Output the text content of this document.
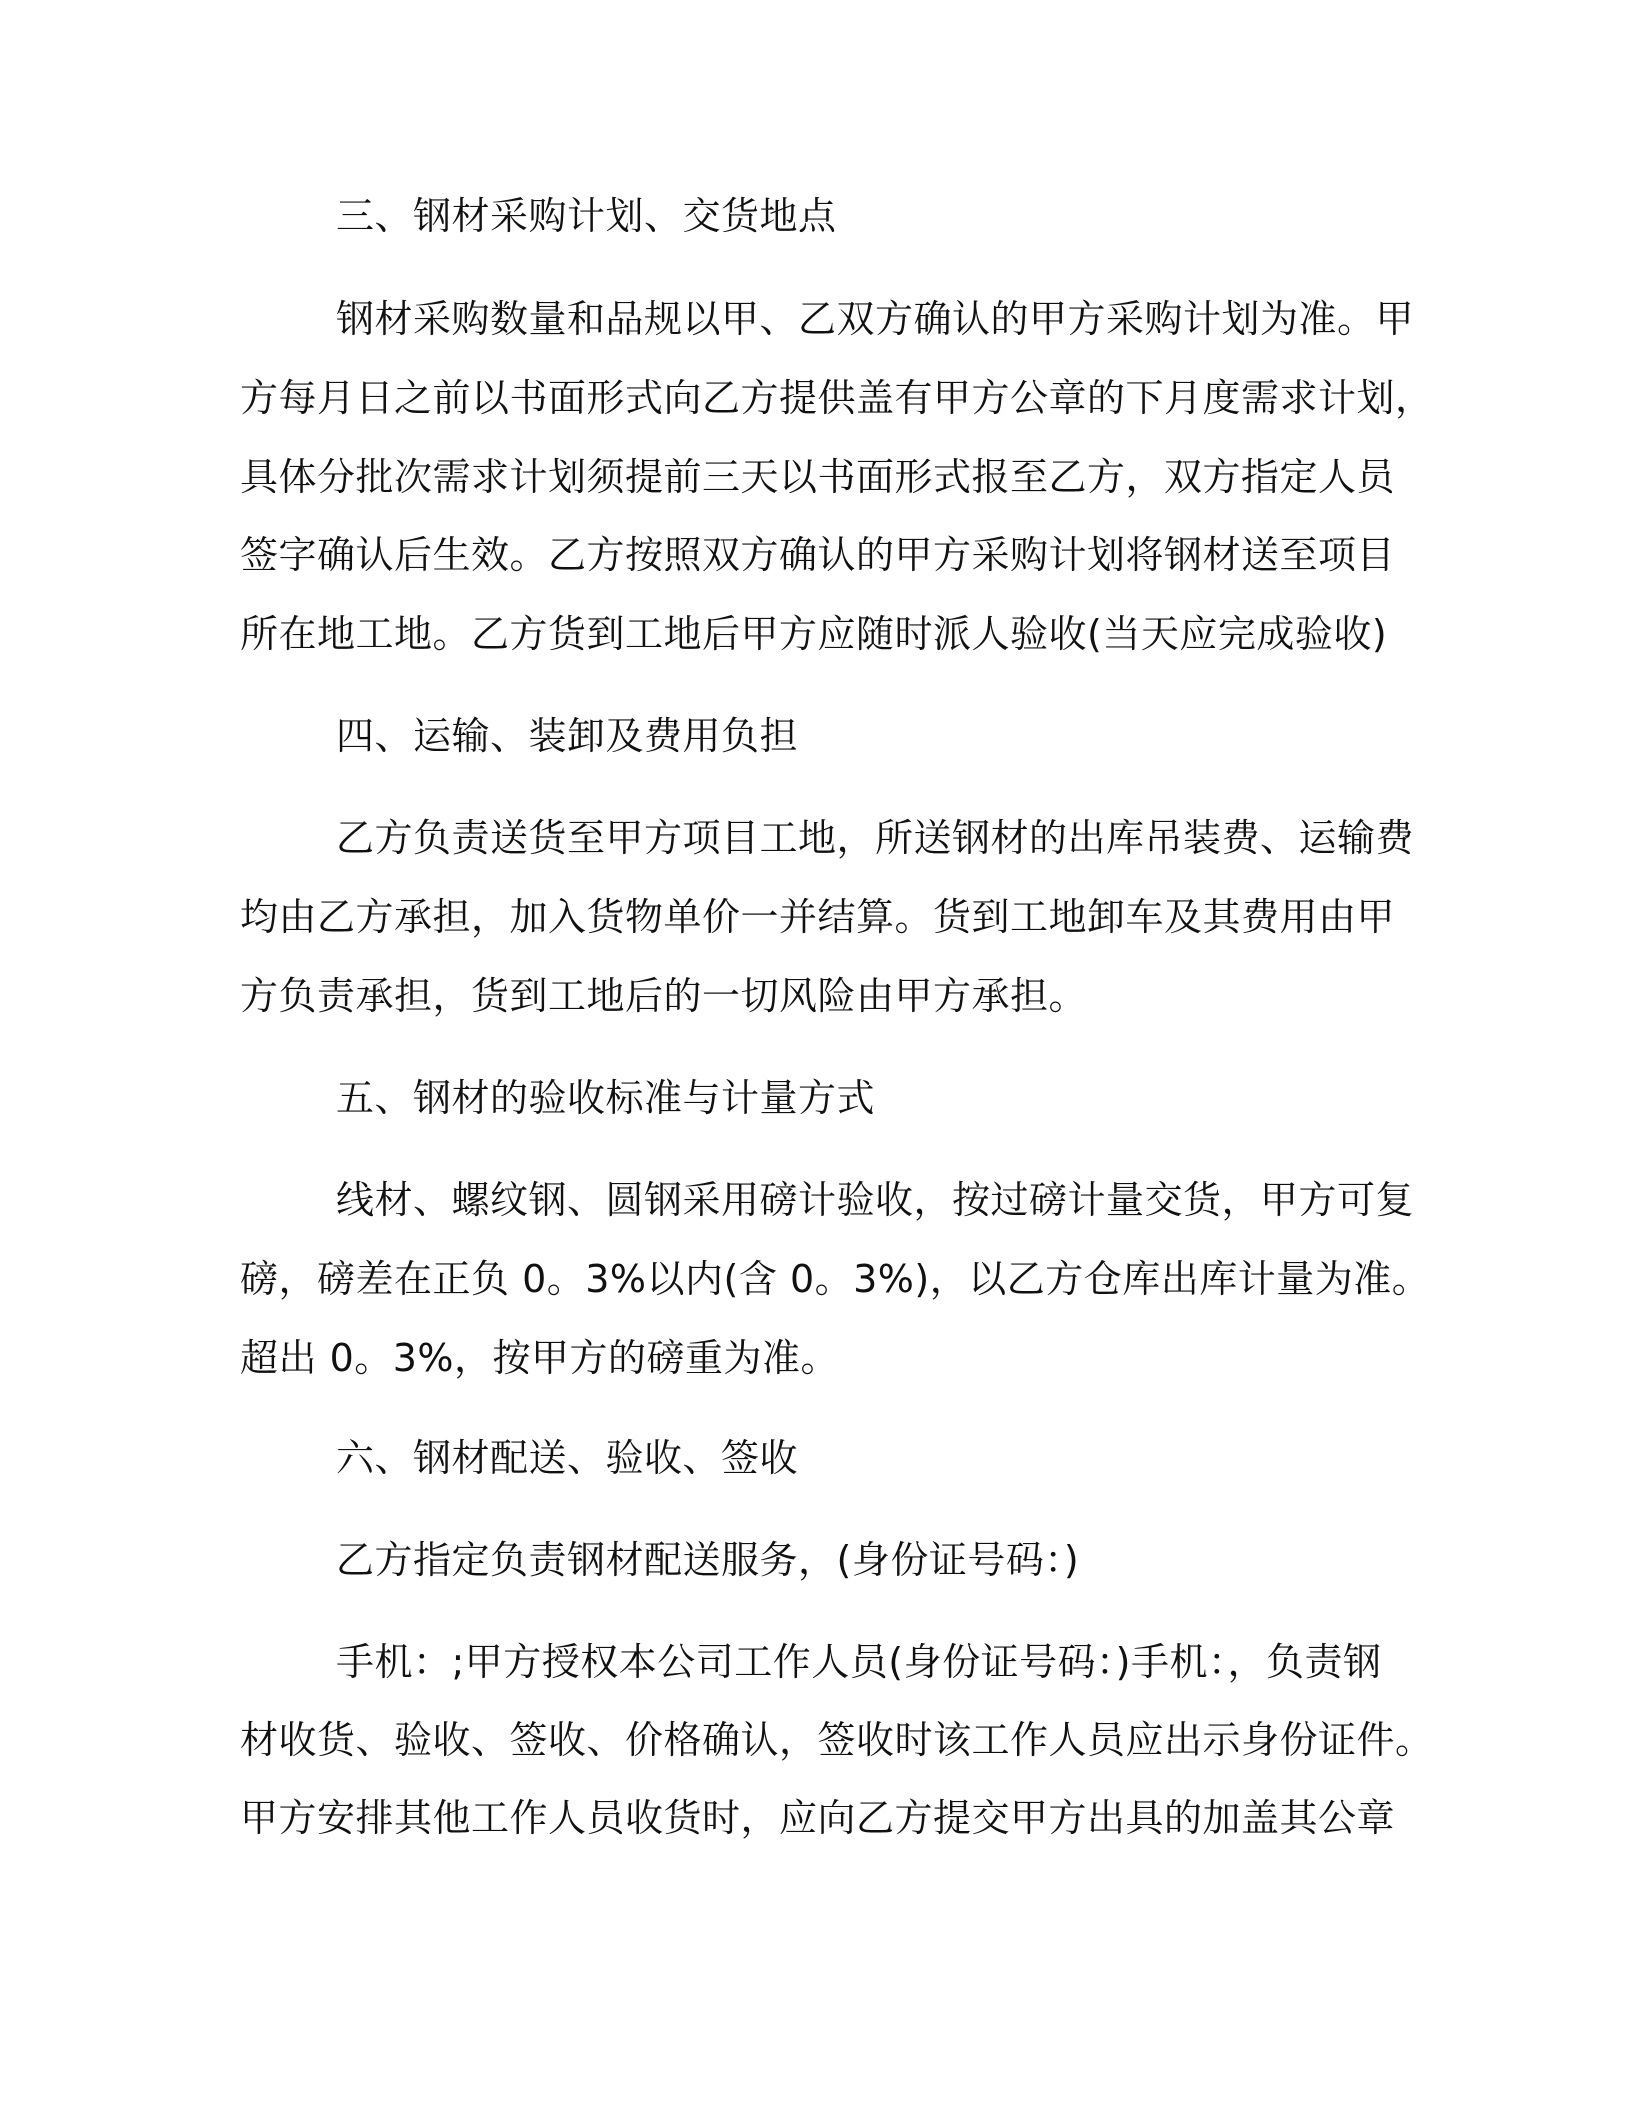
三、钢材采购计划、交货地点
钢材采购数量和品规以甲、乙双方确认的甲方采购计划为准。甲
方每月日之前以书面形式向乙方提供盖有甲方公章的下月度需求计划，
具体分批次需求计划须提前三天以书面形式报至乙方，双方指定人员
签字确认后生效。乙方按照双方确认的甲方采购计划将钢材送至项目
所在地工地。乙方货到工地后甲方应随时派人验收(当天应完成验收)
四、运输、装卸及费用负担
乙方负责送货至甲方项目工地，所送钢材的出库吊装费、运输费
均由乙方承担，加入货物单价一并结算。货到工地卸车及其费用由甲
方负责承担，货到工地后的一切风险由甲方承担。
五、钢材的验收标准与计量方式
线材、螺纹钢、圆钢采用磅计验收，按过磅计量交货，甲方可复
磅，磅差在正负 0。3%以内(含 0。3%)，以乙方仓库出库计量为准。
超出 0。3%，按甲方的磅重为准。
六、钢材配送、验收、签收
乙方指定负责钢材配送服务，(身份证号码：)
手机：;甲方授权本公司工作人员(身份证号码：)手机：，负责钢
材收货、验收、签收、价格确认，签收时该工作人员应出示身份证件。
甲方安排其他工作人员收货时，应向乙方提交甲方出具的加盖其公章
